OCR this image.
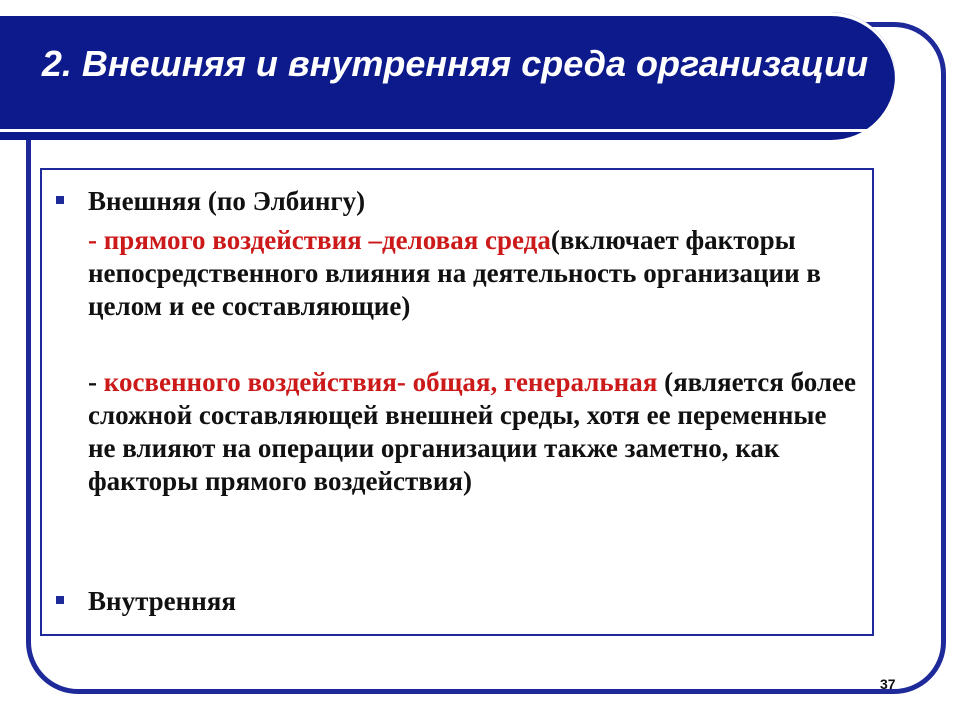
2. Внешняя и внутренняя среда организации
Внешняя (по Элбингу)
- прямого воздействия –деловая среда(включает факторы непосредственного влияния на деятельность организации в целом и ее составляющие)
- косвенного воздействия- общая, генеральная (является более сложной составляющей внешней среды, хотя ее переменные не влияют на операции организации также заметно, как факторы прямого воздействия)
Внутренняя
37
